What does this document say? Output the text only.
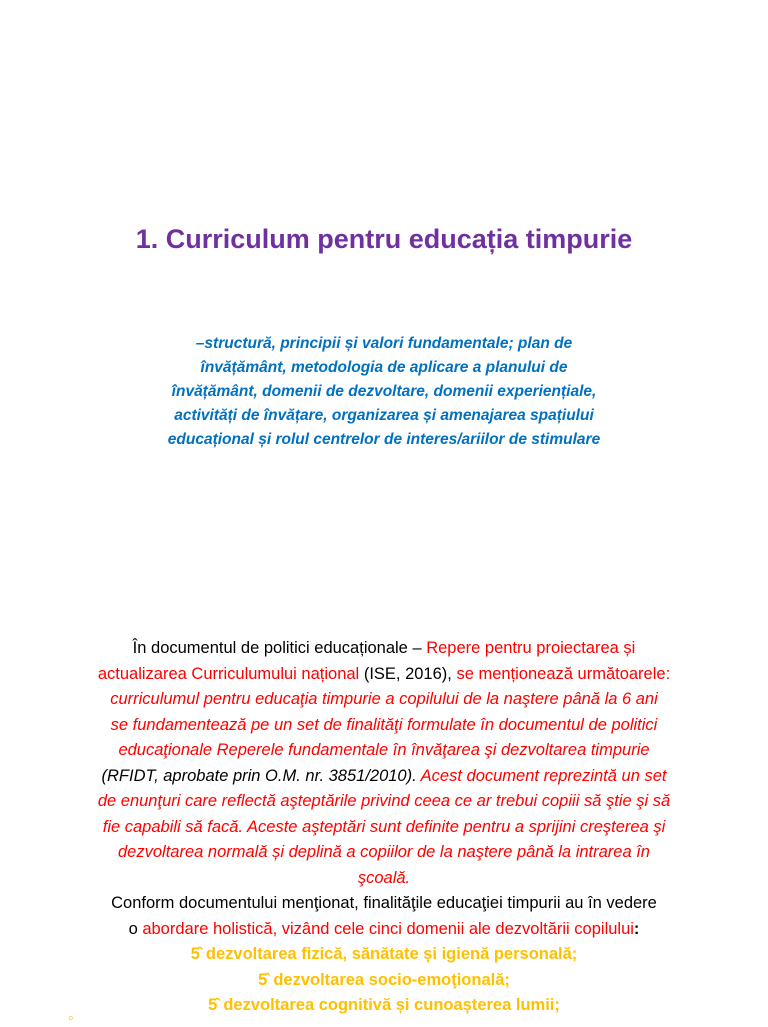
1. Curriculum pentru educația timpurie

–structură, principii și valori fundamentale; plan de
învățământ, metodologia de aplicare a planului de
învățământ, domenii de dezvoltare, domenii experiențiale,
activități de învățare, organizarea și amenajarea spațiului
educațional și rolul centrelor de interes/ariilor de stimulare

În documentul de politici educaționale – Repere pentru proiectarea și
actualizarea Curriculumului național (ISE, 2016), se menționează următoarele:
curriculumul pentru educaţia timpurie a copilului de la naştere până la 6 ani
se fundamentează pe un set de finalităţi formulate în documentul de politici
educaţionale Reperele fundamentale în învăţarea şi dezvoltarea timpurie
(RFIDT, aprobate prin O.M. nr. 3851/2010). Acest document reprezintă un set
de enunţuri care reflectă aşteptările privind ceea ce ar trebui copiii să ştie şi să
fie capabili să facă. Aceste aşteptări sunt definite pentru a sprijini creşterea şi
dezvoltarea normală și deplină a copiilor de la naştere până la intrarea în
şcoală.
Conform documentului menţionat, finalităţile educaţiei timpurii au în vedere
o abordare holistică, vizând cele cinci domenii ale dezvoltării copilului:
5̂ dezvoltarea fizică, sănătate și igienă personală;
5̂ dezvoltarea socio-emoţională;
5̂ dezvoltarea cognitivă și cunoașterea lumii;
◦
